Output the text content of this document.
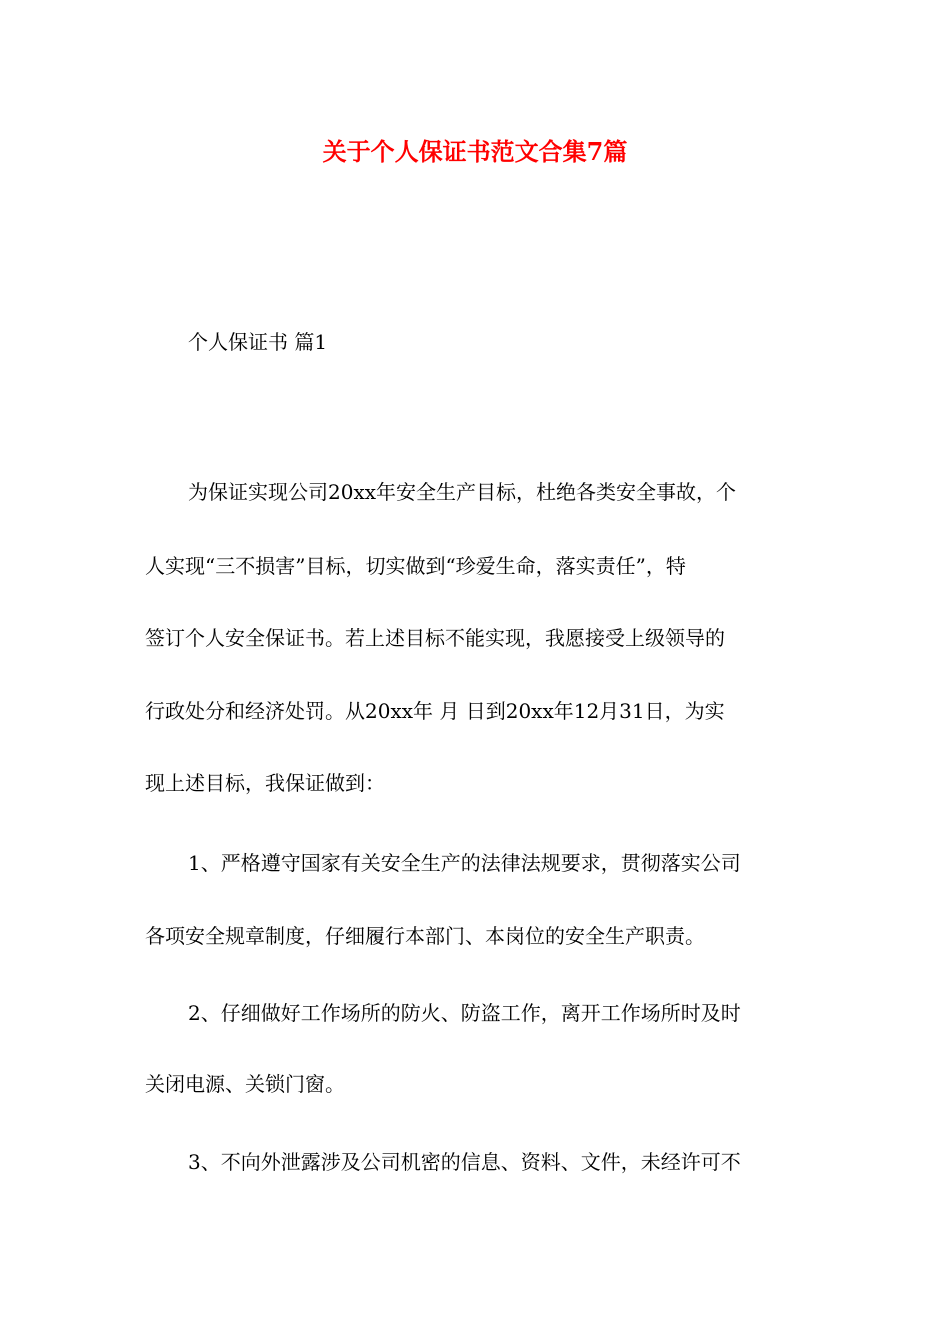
关于个人保证书范文合集7篇
个人保证书 篇1
为保证实现公司20xx年安全生产目标，杜绝各类安全事故，个
人实现“三不损害”目标，切实做到“珍爱生命，落实责任”，特
签订个人安全保证书。若上述目标不能实现，我愿接受上级领导的
行政处分和经济处罚。从20xx年 月 日到20xx年12月31日，为实
现上述目标，我保证做到：
1、严格遵守国家有关安全生产的法律法规要求，贯彻落实公司
各项安全规章制度，仔细履行本部门、本岗位的安全生产职责。
2、仔细做好工作场所的防火、防盗工作，离开工作场所时及时
关闭电源、关锁门窗。
3、不向外泄露涉及公司机密的信息、资料、文件，未经许可不
